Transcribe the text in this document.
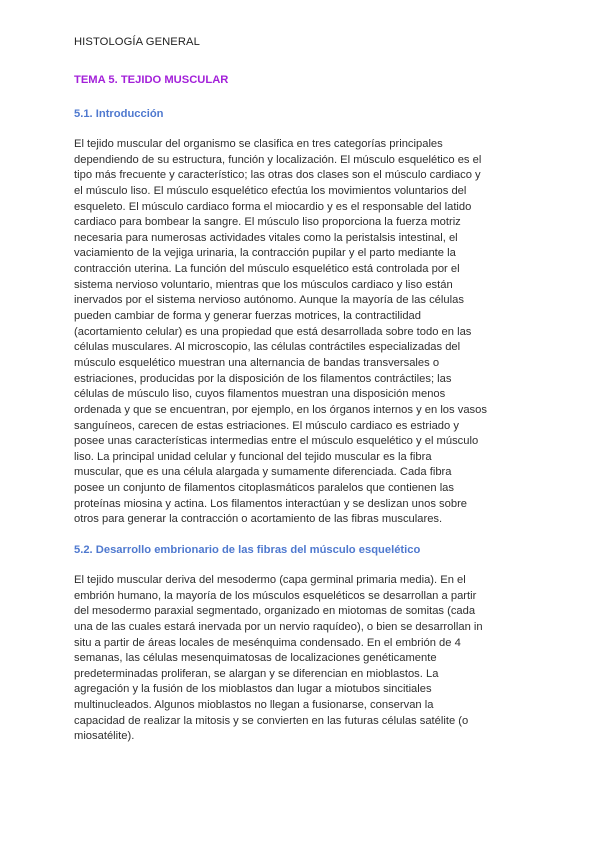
HISTOLOGÍA GENERAL
TEMA 5. TEJIDO MUSCULAR
5.1. Introducción
El tejido muscular del organismo se clasifica en tres categorías principales
dependiendo de su estructura, función y localización. El músculo esquelético es el
tipo más frecuente y característico; las otras dos clases son el músculo cardiaco y
el músculo liso. El músculo esquelético efectúa los movimientos voluntarios del
esqueleto. El músculo cardiaco forma el miocardio y es el responsable del latido
cardiaco para bombear la sangre. El músculo liso proporciona la fuerza motriz
necesaria para numerosas actividades vitales como la peristalsis intestinal, el
vaciamiento de la vejiga urinaria, la contracción pupilar y el parto mediante la
contracción uterina. La función del músculo esquelético está controlada por el
sistema nervioso voluntario, mientras que los músculos cardiaco y liso están
inervados por el sistema nervioso autónomo. Aunque la mayoría de las células
pueden cambiar de forma y generar fuerzas motrices, la contractilidad
(acortamiento celular) es una propiedad que está desarrollada sobre todo en las
células musculares. Al microscopio, las células contráctiles especializadas del
músculo esquelético muestran una alternancia de bandas transversales o
estriaciones, producidas por la disposición de los filamentos contráctiles; las
células de músculo liso, cuyos filamentos muestran una disposición menos
ordenada y que se encuentran, por ejemplo, en los órganos internos y en los vasos
sanguíneos, carecen de estas estriaciones. El músculo cardiaco es estriado y
posee unas características intermedias entre el músculo esquelético y el músculo
liso. La principal unidad celular y funcional del tejido muscular es la fibra
muscular, que es una célula alargada y sumamente diferenciada. Cada fibra
posee un conjunto de filamentos citoplasmáticos paralelos que contienen las
proteínas miosina y actina. Los filamentos interactúan y se deslizan unos sobre
otros para generar la contracción o acortamiento de las fibras musculares.
5.2. Desarrollo embrionario de las fibras del músculo esquelético
El tejido muscular deriva del mesodermo (capa germinal primaria media). En el
embrión humano, la mayoría de los músculos esqueléticos se desarrollan a partir
del mesodermo paraxial segmentado, organizado en miotomas de somitas (cada
una de las cuales estará inervada por un nervio raquídeo), o bien se desarrollan in
situ a partir de áreas locales de mesénquima condensado. En el embrión de 4
semanas, las células mesenquimatosas de localizaciones genéticamente
predeterminadas proliferan, se alargan y se diferencian en mioblastos. La
agregación y la fusión de los mioblastos dan lugar a miotubos sincitiales
multinucleados. Algunos mioblastos no llegan a fusionarse, conservan la
capacidad de realizar la mitosis y se convierten en las futuras células satélite (o
miosatélite).
